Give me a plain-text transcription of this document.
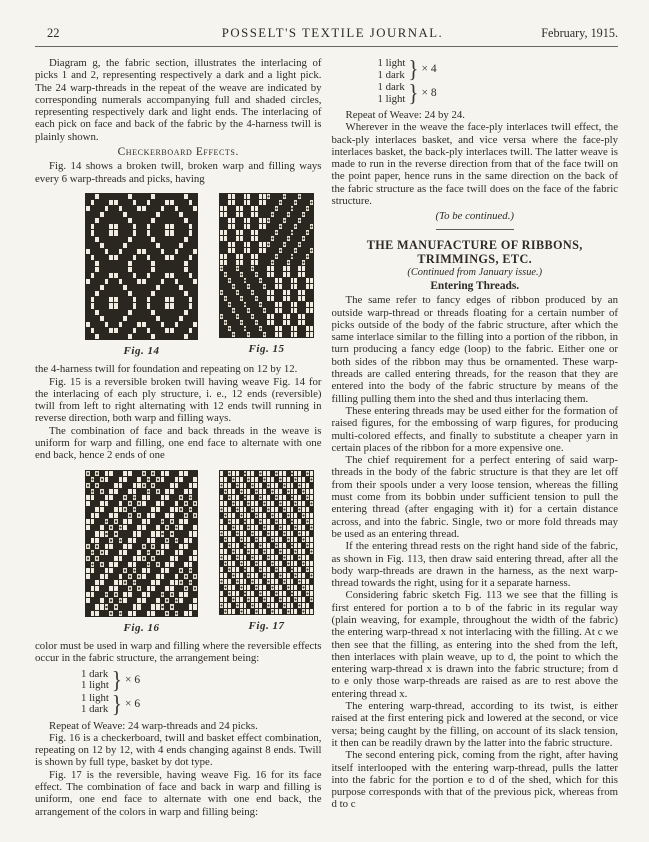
22	POSSELT'S TEXTILE JOURNAL.	February, 1915.

Diagram g, the fabric section, illustrates the interlacing of picks 1 and 2, representing respectively a dark and a light pick. The 24 warp-threads in the repeat of the weave are indicated by corresponding numerals accompanying full and shaded circles, representing respectively dark and light ends. The interlacing of each pick on face and back of the fabric by the 4-harness twill is plainly shown.

Checkerboard Effects.

Fig. 14 shows a broken twill, broken warp and filling ways every 6 warp-threads and picks, having

Fig. 14	Fig. 15

the 4-harness twill for foundation and repeating on 12 by 12.

Fig. 15 is a reversible broken twill having weave Fig. 14 for the interlacing of each ply structure, i. e., 12 ends (reversible) twill from left to right alternating with 12 ends twill running in reverse direction, both warp and filling ways.

The combination of face and back threads in the weave is uniform for warp and filling, one end face to alternate with one end back, hence 2 ends of one

Fig. 16	Fig. 17

color must be used in warp and filling where the reversible effects occur in the fabric structure, the arrangement being:

1 dark
1 light } × 6
1 light
1 dark } × 6

Repeat of Weave: 24 warp-threads and 24 picks.

Fig. 16 is a checkerboard, twill and basket effect combination, repeating on 12 by 12, with 4 ends changing against 8 ends. Twill is shown by full type, basket by dot type.

Fig. 17 is the reversible, having weave Fig. 16 for its face effect. The combination of face and back in warp and filling is uniform, one end face to alternate with one end back, the arrangement of the colors in warp and filling being:

1 light
1 dark } × 4
1 dark
1 light } × 8

Repeat of Weave: 24 by 24.

Wherever in the weave the face-ply interlaces twill effect, the back-ply interlaces basket, and vice versa where the face-ply interlaces basket, the back-ply interlaces twill. The latter weave is made to run in the reverse direction from that of the face twill on the point paper, hence runs in the same direction on the back of the fabric structure as the face twill does on the face of the fabric structure.

(To be continued.)

THE MANUFACTURE OF RIBBONS,
TRIMMINGS, ETC.
(Continued from January issue.)
Entering Threads.

The same refer to fancy edges of ribbon produced by an outside warp-thread or threads floating for a certain number of picks outside of the body of the fabric structure, after which the same interlace similar to the filling into a portion of the ribbon, in turn producing a fancy edge (loop) to the fabric. Either one or both sides of the ribbon may thus be ornamented. These warp-threads are called entering threads, for the reason that they are entered into the body of the fabric structure by means of the filling pulling them into the shed and thus interlacing them.

These entering threads may be used either for the formation of raised figures, for the embossing of warp figures, for producing multi-colored effects, and finally to substitute a cheaper yarn in certain places of the ribbon for a more expensive one.

The chief requirement for a perfect entering of said warp-threads in the body of the fabric structure is that they are let off from their spools under a very loose tension, whereas the filling must come from its bobbin under sufficient tension to pull the entering thread (after engaging with it) for a certain distance across, and into the fabric. Single, two or more fold threads may be used as an entering thread.

If the entering thread rests on the right hand side of the fabric, as shown in Fig. 113, then draw said entering thread, after all the body warp-threads are drawn in the harness, as the next warp-thread towards the right, using for it a separate harness.

Considering fabric sketch Fig. 113 we see that the filling is first entered for portion a to b of the fabric in its regular way (plain weaving, for example, throughout the width of the fabric) the entering warp-thread x not interlacing with the filling. At c we then see that the filling, as entering into the shed from the left, then interlaces with plain weave, up to d, the point to which the entering warp-thread x is drawn into the fabric structure; from d to e only those warp-threads are raised as are to rest above the entering thread x.

The entering warp-thread, according to its twist, is either raised at the first entering pick and lowered at the second, or vice versa; being caught by the filling, on account of its slack tension, it then can be readily drawn by the latter into the fabric structure.

The second entering pick, coming from the right, after having itself interlooped with the entering warp-thread, pulls the latter into the fabric for the portion e to d of the shed, which for this purpose corresponds with that of the previous pick, whereas from d to c
